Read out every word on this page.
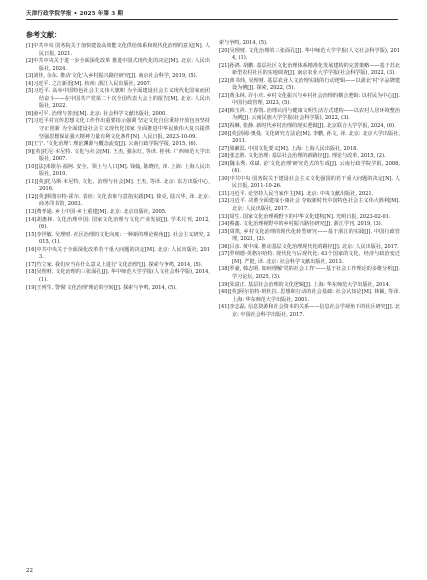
天津行政学院学报 • 2025 年第 3 期
参考文献：

[1]中共中央 国务院关于加快建设高效能文化供给体系和现代化治理的意见[N]. 人民日报, 2021.

[2]中共中央关于进一步全面深化改革 推进中国式现代化的决定[M]. 北京: 人民出版社, 2024.

[3]刘佳, 余东. 推动'文化'入乡村振兴路径研究[J]. 南京社会科学, 2019, (5).

[4]习近平. 之江新语[M]. 杭州: 浙江人民出版社, 2007.

[5]习近平. 高举中国特色社会主义伟大旗帜 为全面建设社会主义现代化国家而团结奋斗——在中国共产党第二十次全国代表大会上的报告[M]. 北京: 人民出版社, 2022.

[6]俞可平. 治理与善治[M]. 北京: 社会科学文献出版社, 2000.

[7]习近平对宣传思想文化工作作出重要指示强调 坚定文化自信秉持开放包容坚持守正创新 为全面建设社会主义现代化国家 全面推进中华民族伟大复兴提供坚强思想保证强大精神力量有利文化条件[N]. 人民日报, 2023-10-09.

[8]王宁. '文化治理': 理论渊源与概念流变[J]. 云南行政学院学报, 2015, (6).

[9][英]托尼·本尼特. 文化与社会[M]. 王杰, 强东红, 等译. 桂林: 广西师范大学出版社, 2007.

[10][法]米歇尔·福柯. 安全、领土与人口[M]. 钱翰, 陈晓径, 译. 上海: 上海人民出版社, 2010.

[11][英]托马斯·本尼特, 文化、治理与社会[M]. 王杰, 等译. 北京: 东方出版中心, 2016.

[12][英]斯图尔特·霍尔. 表征: 文化表象与意指实践[M]. 徐亮, 陆兴华, 译. 北京: 商务印书馆, 2003.

[13]费孝通. 乡土中国·乡土重建[M]. 北京: 北京出版社, 2005.

[14]胡惠林. 文化治理中国: 国家文化治理与文化产业发展[J]. 学术月刊, 2012, (6).

[15]李世敏. 吴理财. 社区治理的文化向度: 一种新的理论视角[J]. 社会主义研究, 2015, (1).

[16]中共中央关于全面深化改革若干重大问题的决定[M]. 北京: 人民出版社, 2013.

[17]竹立家. 我们应当在什么意义上进行'文化治理'[J]. 探索与争鸣, 2014, (5).

[18]吴理财. 文化治理的三张面孔[J]. 华中师范大学学报(人文社会科学版), 2014, (1).

[19]王列生. 警惕'文化治理'理论的空转[J]. 探索与争鸣, 2014, (5).

索与争鸣, 2014, (5).

[20]吴理财. 文化治理的三张面孔[J]. 华中师范大学学报(人文社会科学版), 2014, (1).

[21]孙鸿. 胡鹏. 基层社区文化治理体系精准化发展建构的完善策略——基于苏北新型农村社区的实地调查[J]. 南京农业大学学报(社会科学版), 2022, (3).

[22]黄书炜, 吴理财. 基层农业人文治理实践的行动逻辑——以浙北'村'字品牌建设为例[J]. 探索, 2022, (5).

[23]黄永林, 许小庆. 乡村文化振兴与乡村社会治理的耦合逻辑: 以村民为中心[J]. 中国行政管理, 2023, (5).

[24]韩玉祥. 王春凯. 治理认同与健康文明生活方式建构——以农村人居环境整治为例[J]. 云南民族大学学报(社会科学版), 2022, (3).

[25]祝琳, 张静. 新时代乡村治理的现实逻辑[J]. 北京联合大学学报, 2024, (6).

[26][英]汤姆·奥曼. 文化研究方法论[M]. 李鹏, 孙文, 译. 北京: 北京大学出版社, 2011.

[27]梁漱溟. 中国文化要义[M]. 上海: 上海人民出版社, 2018.

[28]张志胜. 文化治理: 基层社会治理的新路径[J]. 理论与改革, 2015, (2).

[29]魏永秀. 邓斌. 论'文化治理'研究范式的生成[J]. 云南行政学院学报, 2008, (4).

[30]中共中央 国务院关于建设社会主义文化强国的若干重大问题的决定[N]. 人民日报, 2011-10-26.

[31]习近平. 论坚持人民当家作主[M]. 北京: 中央文献出版社, 2021.

[32]习近平. 决胜全面建成小康社会 夺取新时代中国特色社会主义伟大胜利[M]. 北京: 人民出版社, 2017.

[33]周生. 国家文化治理视野下的中华文化建构[N]. 光明日报, 2023-02-01.

[34]蔡鑫. 文化治理视野中的乡村振兴路径研究[J]. 浙江学刊, 2019, (3).

[35]周凯, 乡村文化治理的现代化转型研究——基于浙江的实践[J]. 中国行政管理, 2021, (2).

[36]吕彦. 黄中成. 推动基层文化治理现代化的路径[J]. 北京: 人民出版社, 2017.

[37]罗纳德·英格尔哈特. 现代化与后现代化: 43个国家的文化、经济与政治变迁[M]. 严挺, 译. 北京: 社会科学文献出版社, 2013.

[38]罗豪, 韩志明. 如何理解'党的社会工作'——基于社会工作理论的多维分析[J]. 学习论坛, 2025, (3).

[39]朱富正. 基层社会治理的文化逻辑[J]. 上海: 华东师范大学出版社, 2014.

[40][英]阿尔伯特·班杜拉. 思想和行动的社会基础: 社会认知论[M]. 林颖, 等译. 上海: 华东师范大学出版社, 2001.

[41]李志磊. 信息资源和社会资本的关系——信息社会学视角下的社区研究[J]. 北京: 中国社会科学出版社, 2017.

22
